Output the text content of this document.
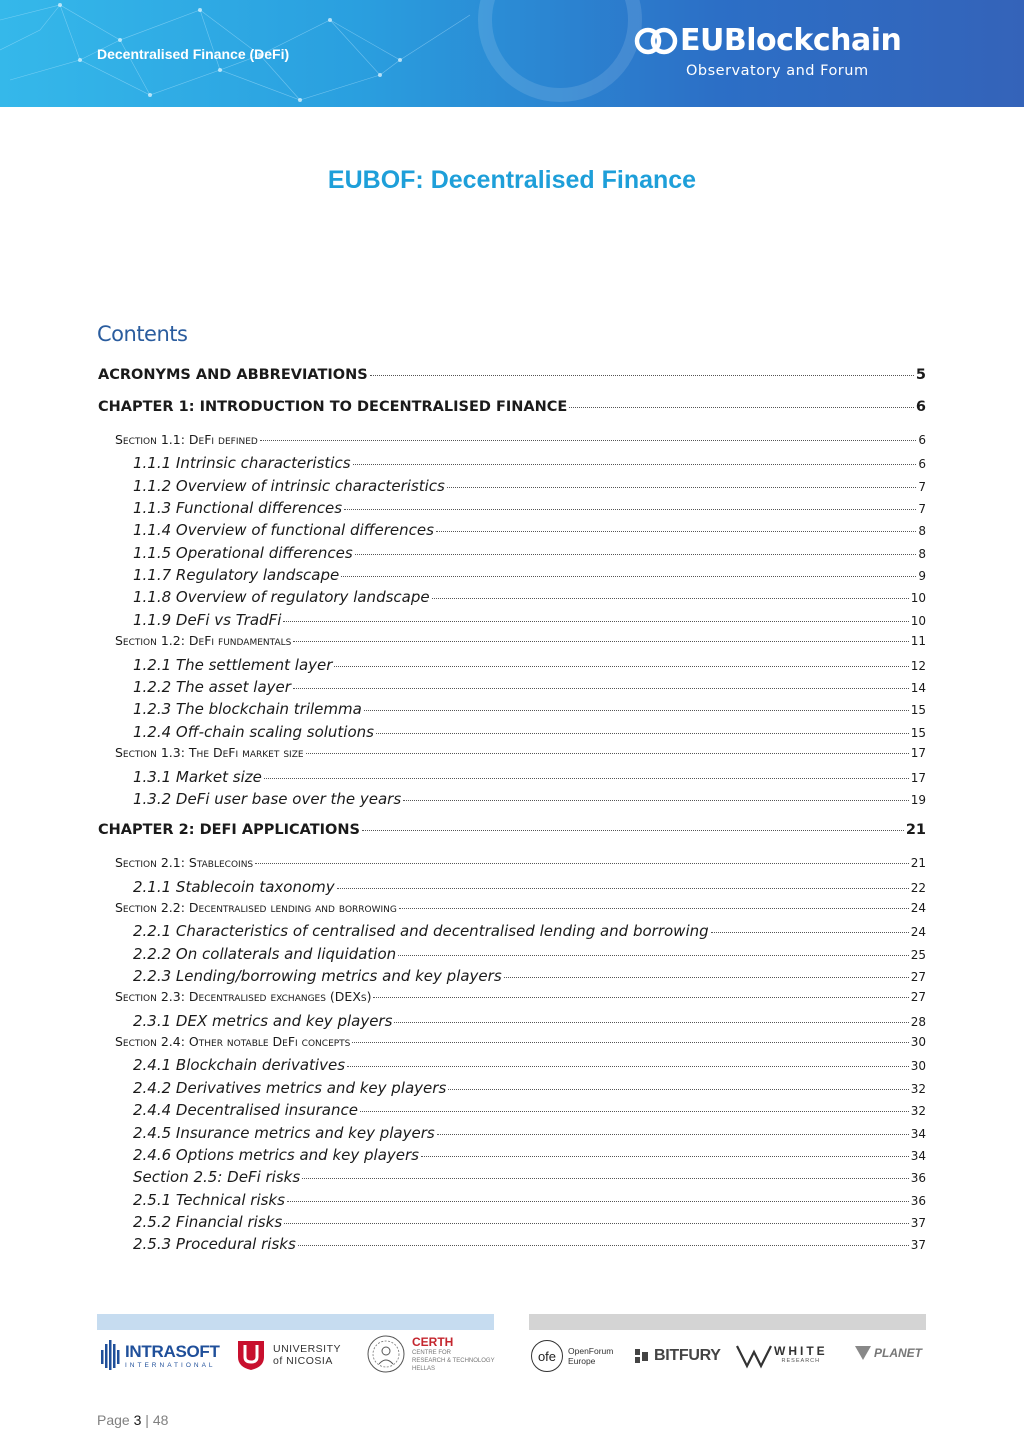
Decentralised Finance (DeFi)	EUBlockchain
Observatory and Forum
EUBOF: Decentralised Finance
Contents
ACRONYMS AND ABBREVIATIONS	5
CHAPTER 1: INTRODUCTION TO DECENTRALISED FINANCE	6
Section 1.1: DeFi defined	6
1.1.1 Intrinsic characteristics	6
1.1.2 Overview of intrinsic characteristics	7
1.1.3 Functional differences	7
1.1.4 Overview of functional differences	8
1.1.5 Operational differences	8
1.1.7 Regulatory landscape	9
1.1.8 Overview of regulatory landscape	10
1.1.9 DeFi vs TradFi	10
Section 1.2: DeFi fundamentals	11
1.2.1 The settlement layer	12
1.2.2 The asset layer	14
1.2.3 The blockchain trilemma	15
1.2.4 Off-chain scaling solutions	15
Section 1.3: The DeFi market size	17
1.3.1 Market size	17
1.3.2 DeFi user base over the years	19
CHAPTER 2: DEFI APPLICATIONS	21
Section 2.1: Stablecoins	21
2.1.1 Stablecoin taxonomy	22
Section 2.2: Decentralised lending and borrowing	24
2.2.1 Characteristics of centralised and decentralised lending and borrowing	24
2.2.2 On collaterals and liquidation	25
2.2.3 Lending/borrowing metrics and key players	27
Section 2.3: Decentralised exchanges (DEXs)	27
2.3.1 DEX metrics and key players	28
Section 2.4: Other notable DeFi concepts	30
2.4.1 Blockchain derivatives	30
2.4.2 Derivatives metrics and key players	32
2.4.4 Decentralised insurance	32
2.4.5 Insurance metrics and key players	34
2.4.6 Options metrics and key players	34
Section 2.5: DeFi risks	36
2.5.1 Technical risks	36
2.5.2 Financial risks	37
2.5.3 Procedural risks	37
INTRASOFT
INTERNATIONAL
UNIVERSITY
of NICOSIA
CERTH
CENTRE FOR
RESEARCH & TECHNOLOGY
HELLAS
ofe OpenForum
Europe	BITFURY	WHITE
RESEARCH
PLANET
Page 3 | 48
